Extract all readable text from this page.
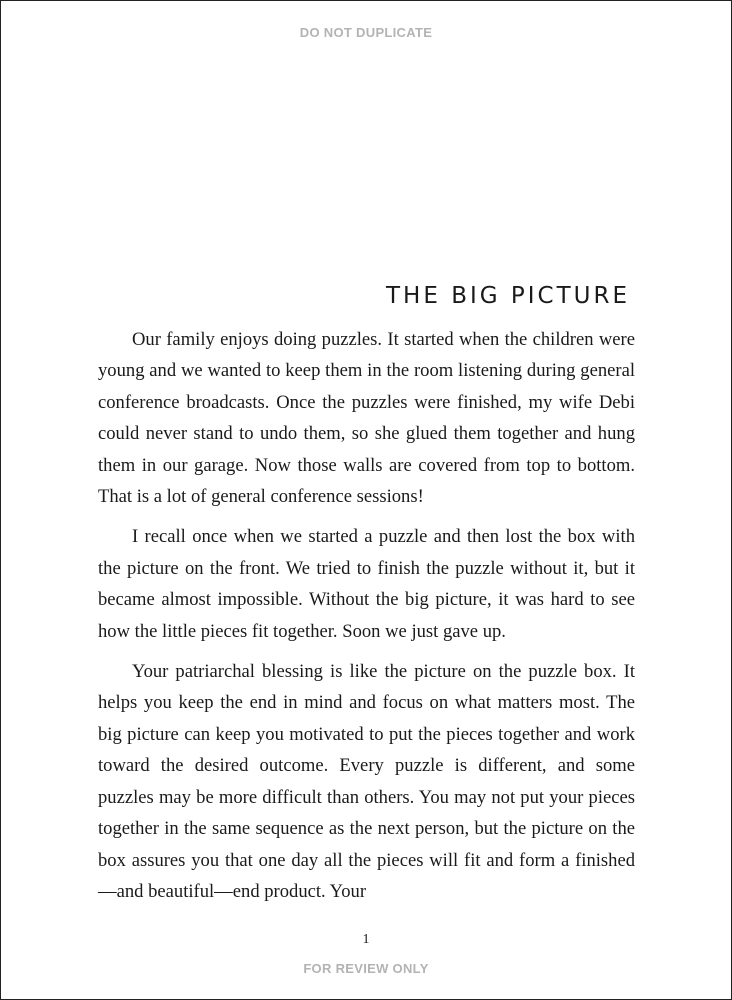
DO NOT DUPLICATE
THE BIG PICTURE

Our family enjoys doing puzzles. It started when the children were young and we wanted to keep them in the room listening during general conference broadcasts. Once the puzzles were finished, my wife Debi could never stand to undo them, so she glued them together and hung them in our garage. Now those walls are covered from top to bottom. That is a lot of general conference sessions!

I recall once when we started a puzzle and then lost the box with the picture on the front. We tried to finish the puzzle without it, but it became almost impossible. Without the big picture, it was hard to see how the little pieces fit together. Soon we just gave up.

Your patriarchal blessing is like the picture on the puzzle box. It helps you keep the end in mind and focus on what matters most. The big picture can keep you motivated to put the pieces together and work toward the desired outcome. Every puzzle is different, and some puzzles may be more difficult than others. You may not put your pieces together in the same sequence as the next person, but the picture on the box assures you that one day all the pieces will fit and form a finished—and beautiful—end product. Your

1
FOR REVIEW ONLY
